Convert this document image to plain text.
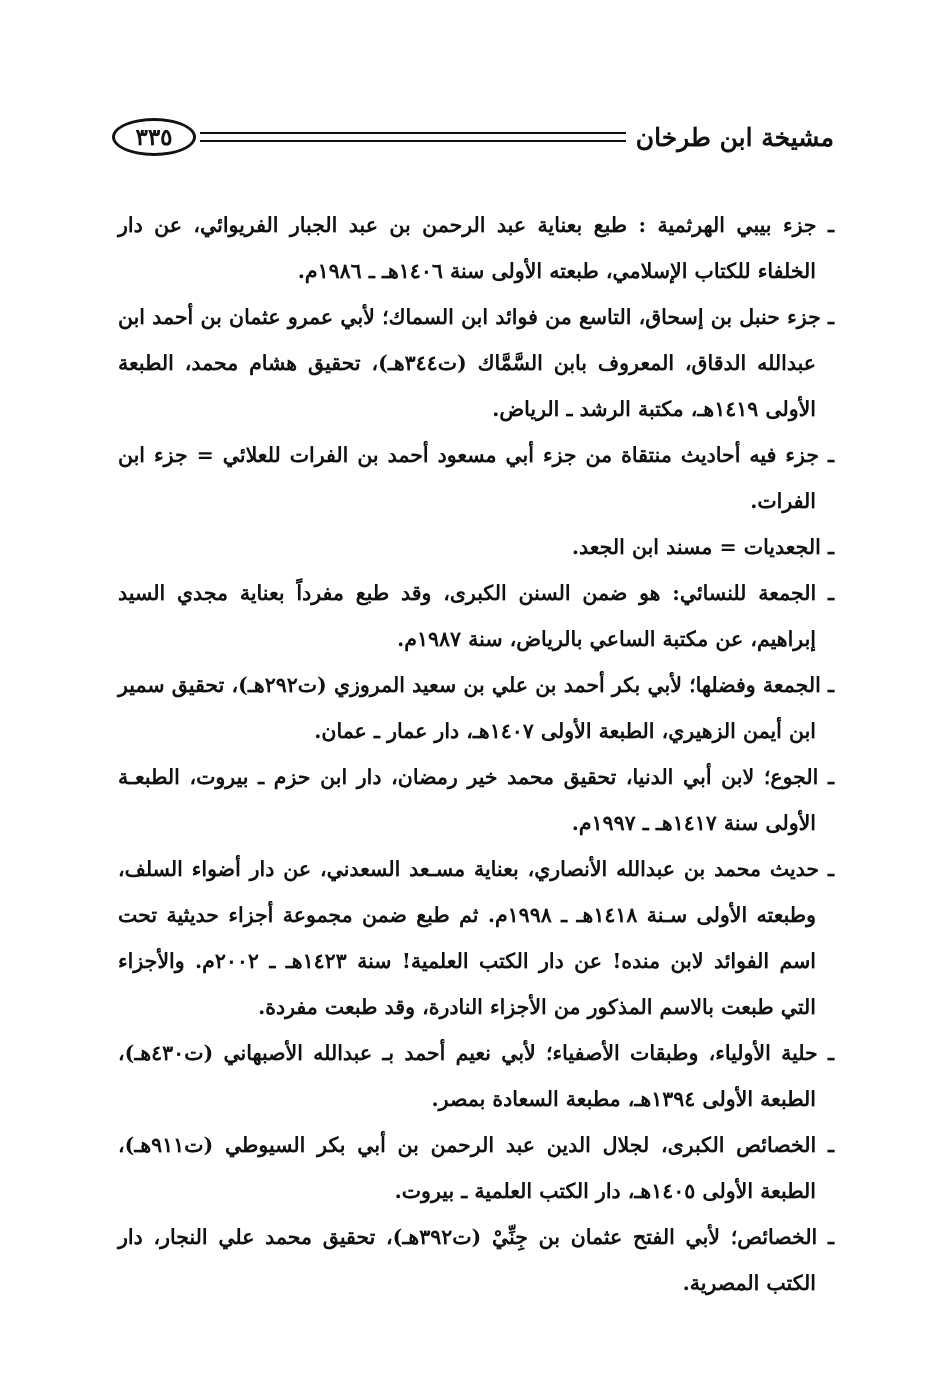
مشيخة ابن طرخان
٣٣٥

ـ جزء بيبي الهرثمية : طبع بعناية عبد الرحمن بن عبد الجبار الفريوائي، عن دار الخلفاء للكتاب الإسلامي، طبعته الأولى سنة ١٤٠٦هـ ـ ١٩٨٦م.

ـ جزء حنبل بن إسحاق، التاسع من فوائد ابن السماك؛ لأبي عمرو عثمان بن أحمد ابن عبدالله الدقاق، المعروف بابن السَّمَّاك (ت٣٤٤هـ)، تحقيق هشام محمد، الطبعة الأولى ١٤١٩هـ، مكتبة الرشد ـ الرياض.

ـ جزء فيه أحاديث منتقاة من جزء أبي مسعود أحمد بن الفرات للعلائي = جزء ابن الفرات.

ـ الجعديات = مسند ابن الجعد.

ـ الجمعة للنسائي: هو ضمن السنن الكبرى، وقد طبع مفرداً بعناية مجدي السيد إبراهيم، عن مكتبة الساعي بالرياض، سنة ١٩٨٧م.

ـ الجمعة وفضلها؛ لأبي بكر أحمد بن علي بن سعيد المروزي (ت٢٩٢هـ)، تحقيق سمير ابن أيمن الزهيري، الطبعة الأولى ١٤٠٧هـ، دار عمار ـ عمان.

ـ الجوع؛ لابن أبي الدنيا، تحقيق محمد خير رمضان، دار ابن حزم ـ بيروت، الطبعـة الأولى سنة ١٤١٧هـ ـ ١٩٩٧م.

ـ حديث محمد بن عبدالله الأنصاري، بعناية مسـعد السعدني، عن دار أضواء السلف، وطبعته الأولى سـنة ١٤١٨هـ ـ ١٩٩٨م. ثم طبع ضمن مجموعة أجزاء حديثية تحت اسم الفوائد لابن منده! عن دار الكتب العلمية! سنة ١٤٢٣هـ ـ ٢٠٠٢م. والأجزاء التي طبعت بالاسم المذكور من الأجزاء النادرة، وقد طبعت مفردة.

ـ حلية الأولياء، وطبقات الأصفياء؛ لأبي نعيم أحمد بـ عبدالله الأصبهاني (ت٤٣٠هـ)، الطبعة الأولى ١٣٩٤هـ، مطبعة السعادة بمصر.

ـ الخصائص الكبرى، لجلال الدين عبد الرحمن بن أبي بكر السيوطي (ت٩١١هـ)، الطبعة الأولى ١٤٠٥هـ، دار الكتب العلمية ـ بيروت.

ـ الخصائص؛ لأبي الفتح عثمان بن جِنِّيْ (ت٣٩٢هـ)، تحقيق محمد علي النجار، دار الكتب المصرية.
